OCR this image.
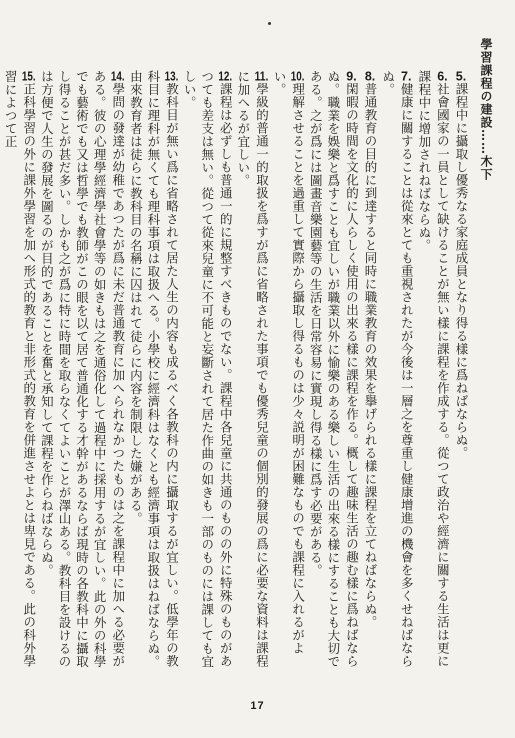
學習課程の建設……木下

5.課程中に攝取し優秀なる家庭成員となり得る樣に爲ねばならぬ。

6.社會國家の一員として缺けることが無い樣に課程を作成する。從つて政治や經濟に關する生活は更に課程中に增加されねばならぬ。

7.健康に關することは從來とても重視されたが今後は一層之を尊重し健康增進の機會を多くせねばならぬ。

8.普通教育の目的に到達すると同時に職業教育の效果を擧げられる樣に課程を立てねばならぬ。

9.閑暇の時間を文化的に人らしく使用の出來る樣に課程を作る。概して趣味生活の趣む樣に爲ねばならぬ。職業を娛樂と爲すことも宜しいが職業以外に愉樂のある樂しい生活の出來る樣にすることも大切である。之が爲には圖畫音樂園藝等の生活を日常容易に實現し得る樣に爲す必要がある。

10.理解させることを過重して實際から攝取し得るものは少々説明が困難なものでも課程に入れるがよい。

11.學級的普通一的取扱を爲すが爲に省略された事項でも優秀兒童の個別的發展の爲に必要な資料は課程に加へるが宜しい。

12.課程は必ずしも普通一的に規整すべきものでない。課程中各兒童に共通のものの外に特殊のものがあつても差支は無い。從つて從來兒童に不可能と妄斷されて居た作曲の如きも一部のものには課しても宜しい。

13.教科目が無い爲に省略されて居た人生の内容も成るべく各教科の内に攝取するが宜しい。低學年の教科目に理科が無くても理科事項は取扱へる。小學校に經濟科はなくとも經濟事項は取扱はねばならぬ。由來教育者は徒らに教科目の名稱に囚はれて徒らに内容を制限した嫌がある。

14.學問の發達が幼稚であつたが爲に未だ普通教育に加へられなかつたものは之を課程中に加へる必要がある。彼の心理學經濟學社會學等の如きもは之を通俗化して過程中に採用するが宜しい。此の外の科學でも藝術でも又は哲學でも教師がこの眼を以て居て普通化する才幹があるならば現時の各教科中に攝取し得ることが甚だ多い。しかも之が爲に特に時間を取らなくてよいことが澤山ある。教科目を設けるのは方便で人生の發展を圖るのが目的であることを奮と承知して課程を作らねばならぬ。

15.正科學習の外に課外學習を加へ形式的教育と非形式的教育を併進させよとは卑見である。此の科外學習によつて正

17
